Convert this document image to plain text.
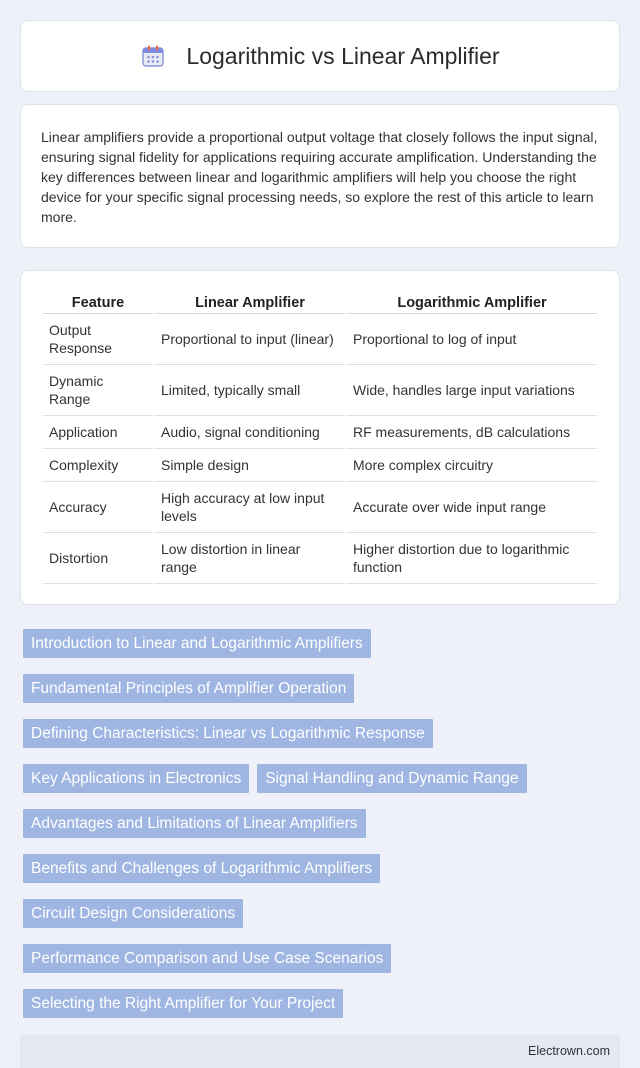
Logarithmic vs Linear Amplifier

Linear amplifiers provide a proportional output voltage that closely follows the input signal, ensuring signal fidelity for applications requiring accurate amplification. Understanding the key differences between linear and logarithmic amplifiers will help you choose the right device for your specific signal processing needs, so explore the rest of this article to learn more.

Feature	Linear Amplifier	Logarithmic Amplifier
Output Response	Proportional to input (linear)	Proportional to log of input
Dynamic Range	Limited, typically small	Wide, handles large input variations
Application	Audio, signal conditioning	RF measurements, dB calculations
Complexity	Simple design	More complex circuitry
Accuracy	High accuracy at low input levels	Accurate over wide input range
Distortion	Low distortion in linear range	Higher distortion due to logarithmic function
Introduction to Linear and Logarithmic Amplifiers
Fundamental Principles of Amplifier Operation
Defining Characteristics: Linear vs Logarithmic Response
Key Applications in Electronics	Signal Handling and Dynamic Range
Advantages and Limitations of Linear Amplifiers
Benefits and Challenges of Logarithmic Amplifiers
Circuit Design Considerations
Performance Comparison and Use Case Scenarios
Selecting the Right Amplifier for Your Project
Electrown.com
